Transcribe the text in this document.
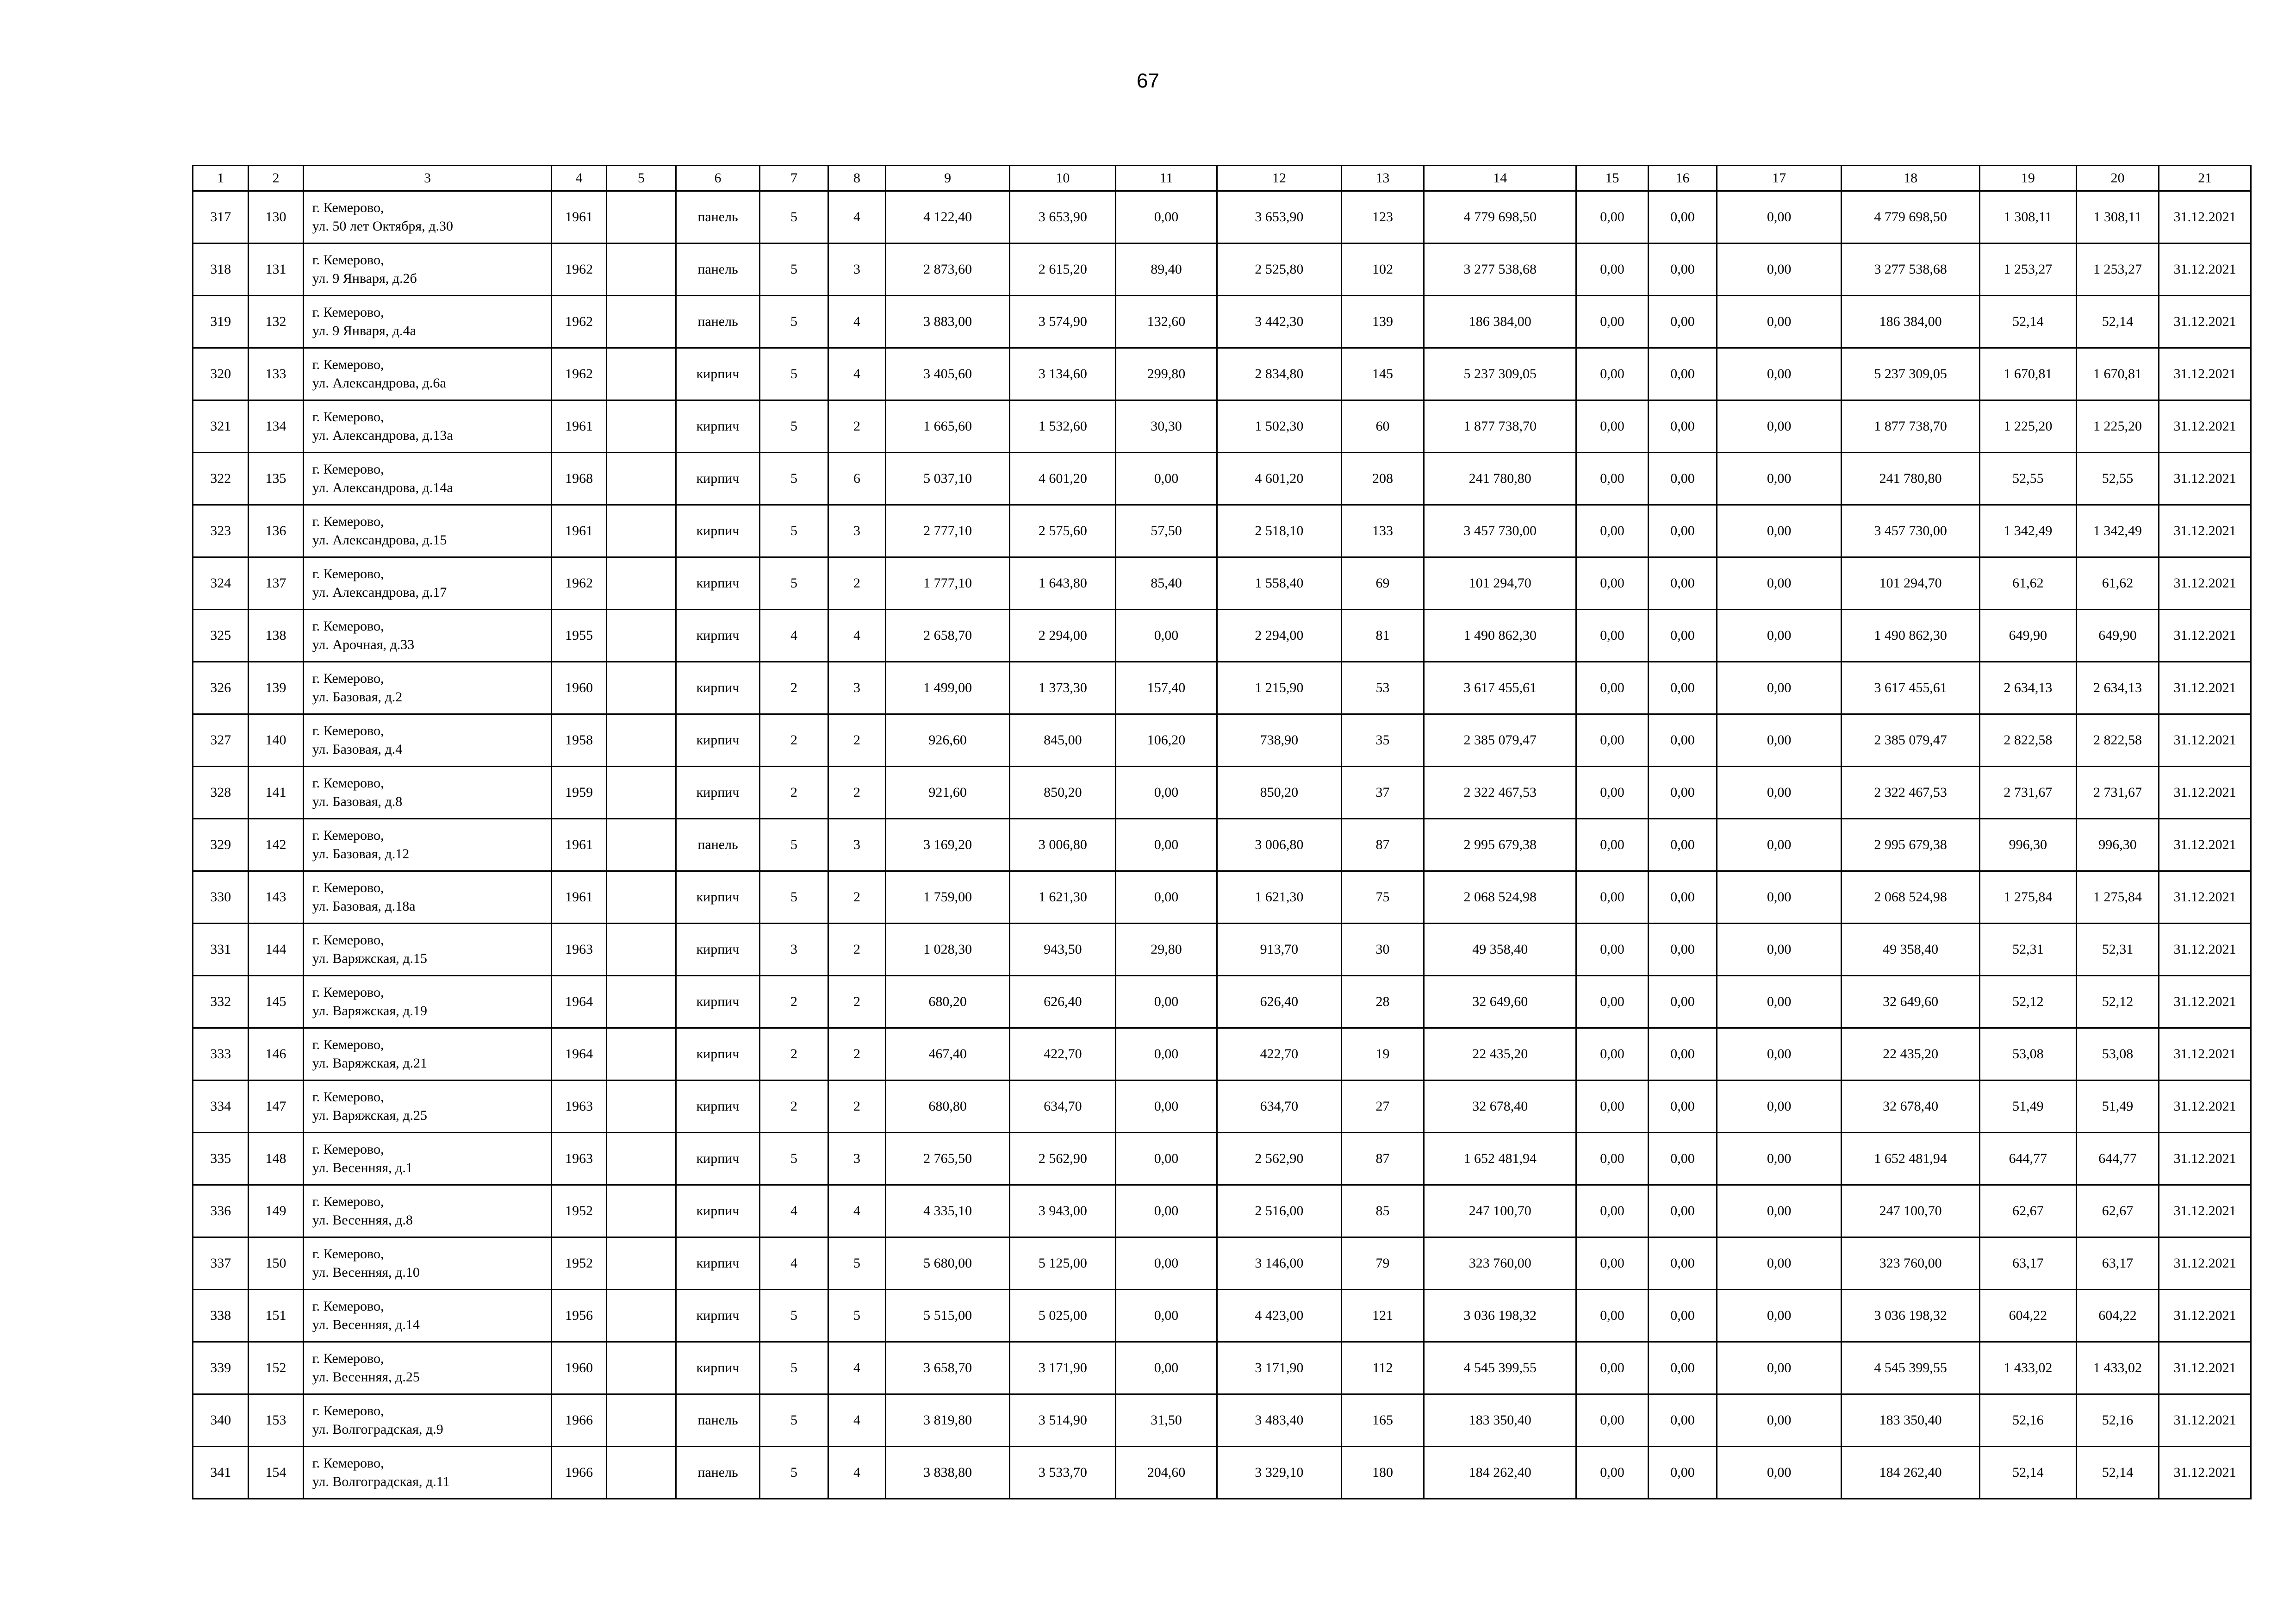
67
1	2	3	4	5	6	7	8	9	10	11	12	13	14	15	16	17	18	19	20	21
317	130	г. Кемерово,
ул. 50 лет Октября, д.30	1961		панель	5	4	4 122,40	3 653,90	0,00	3 653,90	123	4 779 698,50	0,00	0,00	0,00	4 779 698,50	1 308,11	1 308,11	31.12.2021
318	131	г. Кемерово,
ул. 9 Января, д.2б	1962		панель	5	3	2 873,60	2 615,20	89,40	2 525,80	102	3 277 538,68	0,00	0,00	0,00	3 277 538,68	1 253,27	1 253,27	31.12.2021
319	132	г. Кемерово,
ул. 9 Января, д.4а	1962		панель	5	4	3 883,00	3 574,90	132,60	3 442,30	139	186 384,00	0,00	0,00	0,00	186 384,00	52,14	52,14	31.12.2021
320	133	г. Кемерово,
ул. Александрова, д.6а	1962		кирпич	5	4	3 405,60	3 134,60	299,80	2 834,80	145	5 237 309,05	0,00	0,00	0,00	5 237 309,05	1 670,81	1 670,81	31.12.2021
321	134	г. Кемерово,
ул. Александрова, д.13а	1961		кирпич	5	2	1 665,60	1 532,60	30,30	1 502,30	60	1 877 738,70	0,00	0,00	0,00	1 877 738,70	1 225,20	1 225,20	31.12.2021
322	135	г. Кемерово,
ул. Александрова, д.14а	1968		кирпич	5	6	5 037,10	4 601,20	0,00	4 601,20	208	241 780,80	0,00	0,00	0,00	241 780,80	52,55	52,55	31.12.2021
323	136	г. Кемерово,
ул. Александрова, д.15	1961		кирпич	5	3	2 777,10	2 575,60	57,50	2 518,10	133	3 457 730,00	0,00	0,00	0,00	3 457 730,00	1 342,49	1 342,49	31.12.2021
324	137	г. Кемерово,
ул. Александрова, д.17	1962		кирпич	5	2	1 777,10	1 643,80	85,40	1 558,40	69	101 294,70	0,00	0,00	0,00	101 294,70	61,62	61,62	31.12.2021
325	138	г. Кемерово,
ул. Арочная, д.33	1955		кирпич	4	4	2 658,70	2 294,00	0,00	2 294,00	81	1 490 862,30	0,00	0,00	0,00	1 490 862,30	649,90	649,90	31.12.2021
326	139	г. Кемерово,
ул. Базовая, д.2	1960		кирпич	2	3	1 499,00	1 373,30	157,40	1 215,90	53	3 617 455,61	0,00	0,00	0,00	3 617 455,61	2 634,13	2 634,13	31.12.2021
327	140	г. Кемерово,
ул. Базовая, д.4	1958		кирпич	2	2	926,60	845,00	106,20	738,90	35	2 385 079,47	0,00	0,00	0,00	2 385 079,47	2 822,58	2 822,58	31.12.2021
328	141	г. Кемерово,
ул. Базовая, д.8	1959		кирпич	2	2	921,60	850,20	0,00	850,20	37	2 322 467,53	0,00	0,00	0,00	2 322 467,53	2 731,67	2 731,67	31.12.2021
329	142	г. Кемерово,
ул. Базовая, д.12	1961		панель	5	3	3 169,20	3 006,80	0,00	3 006,80	87	2 995 679,38	0,00	0,00	0,00	2 995 679,38	996,30	996,30	31.12.2021
330	143	г. Кемерово,
ул. Базовая, д.18а	1961		кирпич	5	2	1 759,00	1 621,30	0,00	1 621,30	75	2 068 524,98	0,00	0,00	0,00	2 068 524,98	1 275,84	1 275,84	31.12.2021
331	144	г. Кемерово,
ул. Варяжская, д.15	1963		кирпич	3	2	1 028,30	943,50	29,80	913,70	30	49 358,40	0,00	0,00	0,00	49 358,40	52,31	52,31	31.12.2021
332	145	г. Кемерово,
ул. Варяжская, д.19	1964		кирпич	2	2	680,20	626,40	0,00	626,40	28	32 649,60	0,00	0,00	0,00	32 649,60	52,12	52,12	31.12.2021
333	146	г. Кемерово,
ул. Варяжская, д.21	1964		кирпич	2	2	467,40	422,70	0,00	422,70	19	22 435,20	0,00	0,00	0,00	22 435,20	53,08	53,08	31.12.2021
334	147	г. Кемерово,
ул. Варяжская, д.25	1963		кирпич	2	2	680,80	634,70	0,00	634,70	27	32 678,40	0,00	0,00	0,00	32 678,40	51,49	51,49	31.12.2021
335	148	г. Кемерово,
ул. Весенняя, д.1	1963		кирпич	5	3	2 765,50	2 562,90	0,00	2 562,90	87	1 652 481,94	0,00	0,00	0,00	1 652 481,94	644,77	644,77	31.12.2021
336	149	г. Кемерово,
ул. Весенняя, д.8	1952		кирпич	4	4	4 335,10	3 943,00	0,00	2 516,00	85	247 100,70	0,00	0,00	0,00	247 100,70	62,67	62,67	31.12.2021
337	150	г. Кемерово,
ул. Весенняя, д.10	1952		кирпич	4	5	5 680,00	5 125,00	0,00	3 146,00	79	323 760,00	0,00	0,00	0,00	323 760,00	63,17	63,17	31.12.2021
338	151	г. Кемерово,
ул. Весенняя, д.14	1956		кирпич	5	5	5 515,00	5 025,00	0,00	4 423,00	121	3 036 198,32	0,00	0,00	0,00	3 036 198,32	604,22	604,22	31.12.2021
339	152	г. Кемерово,
ул. Весенняя, д.25	1960		кирпич	5	4	3 658,70	3 171,90	0,00	3 171,90	112	4 545 399,55	0,00	0,00	0,00	4 545 399,55	1 433,02	1 433,02	31.12.2021
340	153	г. Кемерово,
ул. Волгоградская, д.9	1966		панель	5	4	3 819,80	3 514,90	31,50	3 483,40	165	183 350,40	0,00	0,00	0,00	183 350,40	52,16	52,16	31.12.2021
341	154	г. Кемерово,
ул. Волгоградская, д.11	1966		панель	5	4	3 838,80	3 533,70	204,60	3 329,10	180	184 262,40	0,00	0,00	0,00	184 262,40	52,14	52,14	31.12.2021
